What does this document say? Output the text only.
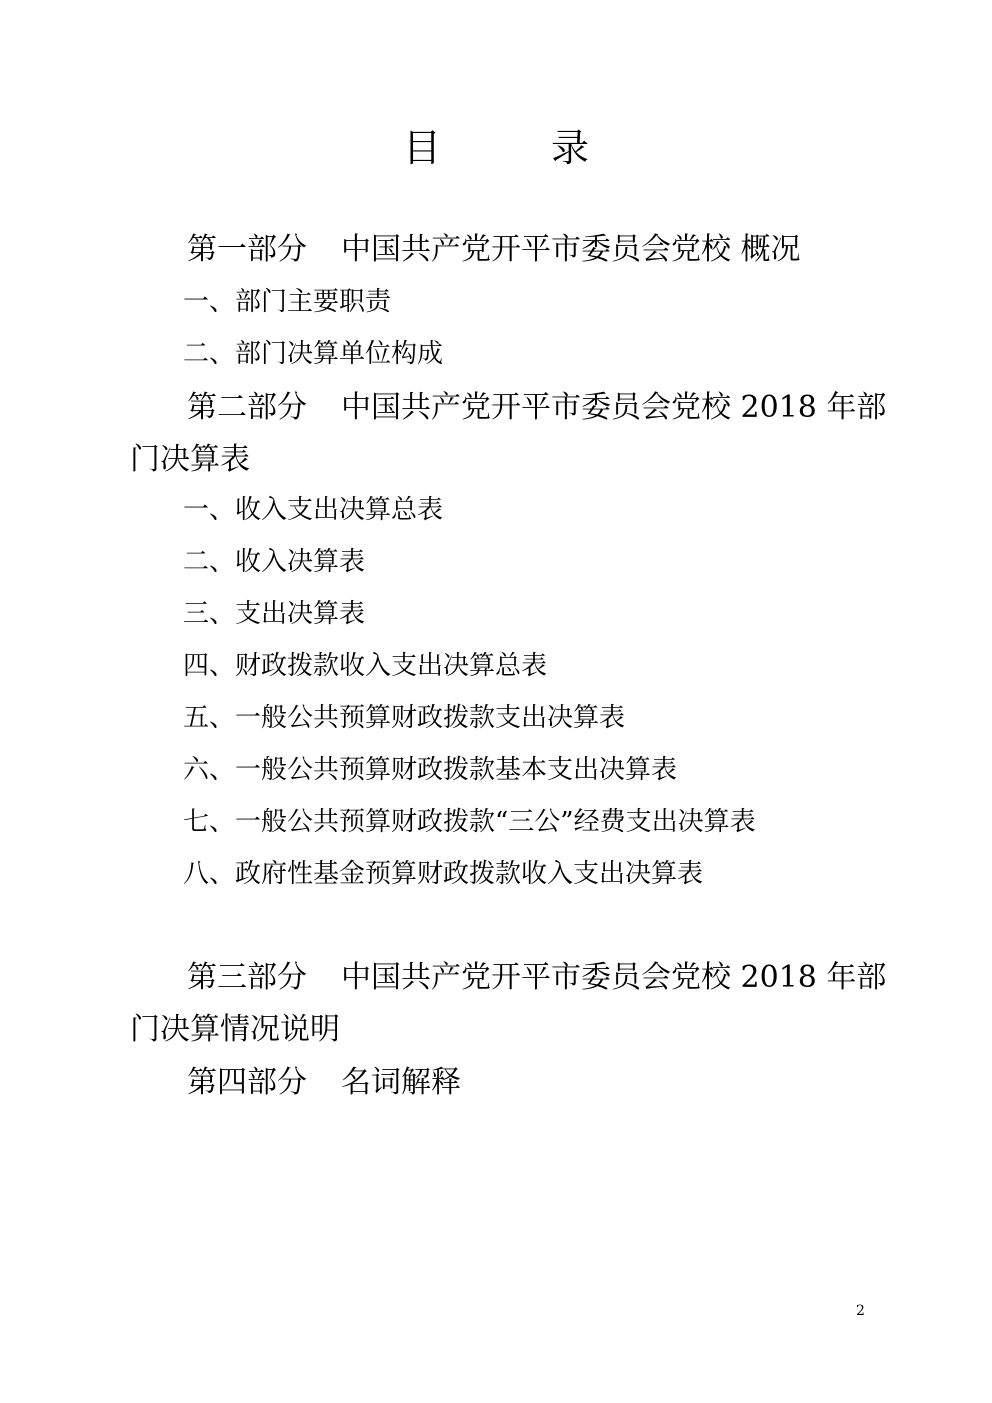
目	录
第一部分 中国共产党开平市委员会党校 概况
一、部门主要职责
二、部门决算单位构成
第二部分 中国共产党开平市委员会党校 2018 年部
门决算表
一、收入支出决算总表
二、收入决算表
三、支出决算表
四、财政拨款收入支出决算总表
五、一般公共预算财政拨款支出决算表
六、一般公共预算财政拨款基本支出决算表
七、一般公共预算财政拨款“三公”经费支出决算表
八、政府性基金预算财政拨款收入支出决算表
第三部分 中国共产党开平市委员会党校 2018 年部
门决算情况说明
第四部分 名词解释
2
